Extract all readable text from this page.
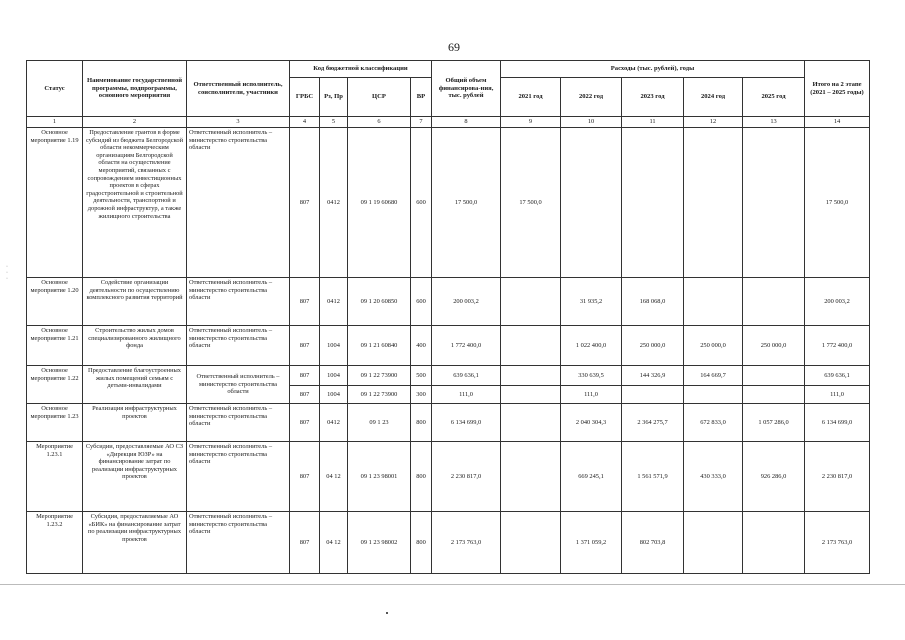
69
Статус	Наименование государственной программы, подпрограммы, основного мероприятия	Ответственный исполнитель, соисполнители, участники	Код бюджетной классификации				Общий объем финансирова-ния, тыс. рублей	Расходы (тыс. рублей), годы					Итого на 2 этапе (2021 – 2025 годы)
			ГРБС	Рз, Пр	ЦСР	ВР		2021 год	2022 год	2023 год	2024 год	2025 год	
1	2	3	4	5	6	7	8	9	10	11	12	13	14
Основное мероприятие 1.19	Предоставление грантов в форме субсидий из бюджета Белгородской области некоммерческим организациям Белгородской области на осуществление мероприятий, связанных с сопровождением инвестиционных проектов в сферах градостроительной и строительной деятельности, транспортной и дорожной инфраструктур, а также жилищного строительства	Ответственный исполнитель – министерство строительства области	807	0412	09 1 19 60680	600	17 500,0	17 500,0					17 500,0
Основное мероприятие 1.20	Содействие организации деятельности по осуществлению комплексного развития территорий	Ответственный исполнитель – министерство строительства области	807	0412	09 1 20 60850	600	200 003,2		31 935,2	168 068,0			200 003,2
Основное мероприятие 1.21	Строительство жилых домов специализированного жилищного фонда	Ответственный исполнитель – министерство строительства области	807	1004	09 1 21 60840	400	1 772 400,0		1 022 400,0	250 000,0	250 000,0	250 000,0	1 772 400,0
Основное мероприятие 1.22	Предоставление благоустроенных жилых помещений семьям с детьми-инвалидами	Ответственный исполнитель – министерство строительства области	807	1004	09 1 22 73900	500	639 636,1		330 639,5	144 326,9	164 669,7		639 636,1
			807	1004	09 1 22 73900	300	111,0		111,0				111,0
Основное мероприятие 1.23	Реализация инфраструктурных проектов	Ответственный исполнитель – министерство строительства области	807	0412	09 1 23	800	6 134 699,0		2 040 304,3	2 364 275,7	672 833,0	1 057 286,0	6 134 699,0
Мероприятие 1.23.1	Субсидии, предоставляемые АО СЗ «Дирекция ЮЗР» на финансирование затрат по реализации инфраструктурных проектов	Ответственный исполнитель – министерство строительства области	807	04 12	09 1 23 98001	800	2 230 817,0		669 245,1	1 561 571,9	430 333,0	926 286,0	2 230 817,0
Мероприятие 1.23.2	Субсидия, предоставляемые АО «БИК» на финансирование затрат по реализации инфраструктурных проектов	Ответственный исполнитель – министерство строительства области	807	04 12	09 1 23 98002	800	2 173 763,0		1 371 059,2	802 703,8			2 173 763,0
·
·
·
